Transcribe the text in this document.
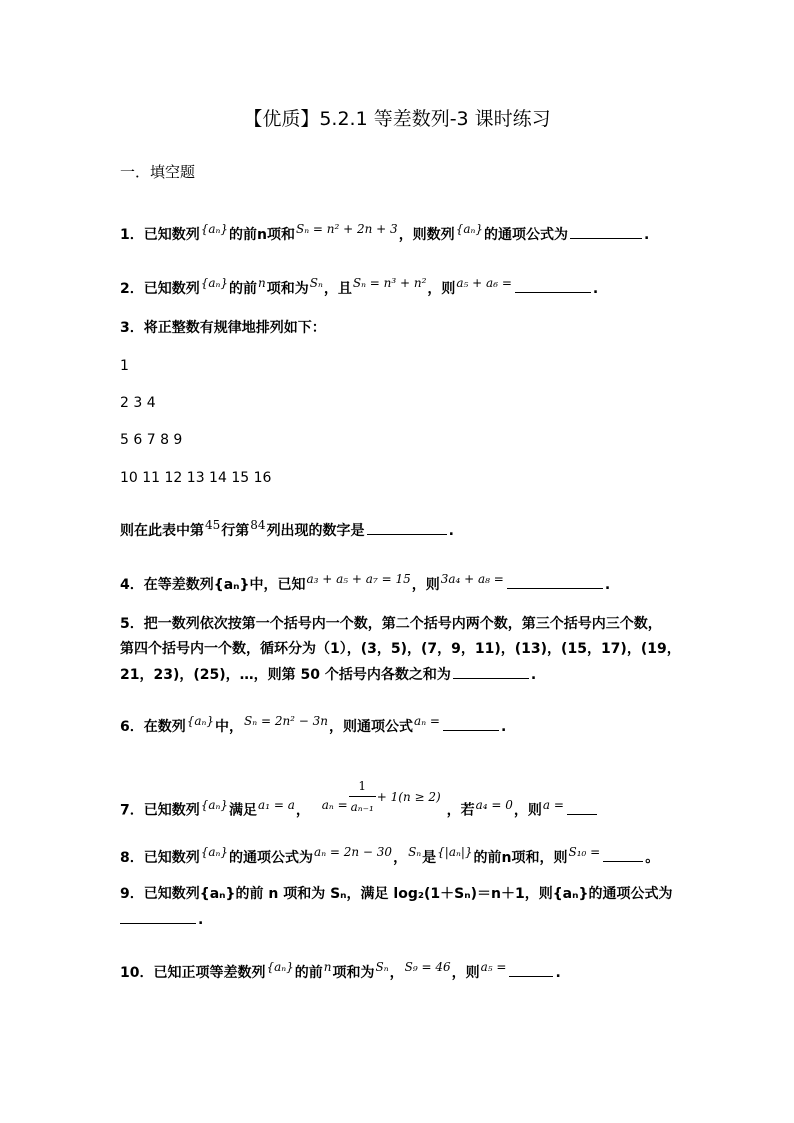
【优质】5.2.1 等差数列-3 课时练习
一．填空题
1．已知数列{aₙ}的前n项和Sₙ = n² + 2n + 3，则数列{aₙ}的通项公式为	.
2．已知数列{aₙ}的前n项和为Sₙ，且Sₙ = n³ + n²，则a₅ + a₆ =	.
3．将正整数有规律地排列如下：
1
2 3 4
5 6 7 8 9
10 11 12 13 14 15 16
则在此表中第45行第84列出现的数字是	.
4．在等差数列{aₙ}中，已知a₃ + a₅ + a₇ = 15，则3a₄ + a₈ =	.
5．把一数列依次按第一个括号内一个数，第二个括号内两个数，第三个括号内三个数，
第四个括号内一个数，循环分为（1），(3，5)，(7，9，11)，(13)，(15，17)，(19，
21，23)，(25)，…，则第 50 个括号内各数之和为	.
6．在数列{aₙ}中，Sₙ = 2n² − 3n，则通项公式aₙ =	.
7．已知数列{aₙ}满足a₁ = a， $a_n = \frac{1}{\text{aₙ₋₁}} + 1(n \ge 2)$ ，若a₄ = 0，则a =
8．已知数列{aₙ}的通项公式为aₙ = 2n − 30，Sₙ是{|aₙ|}的前n项和，则S₁₀ =	。
9．已知数列{aₙ}的前 n 项和为 Sₙ，满足 log₂(1＋Sₙ)＝n＋1，则{aₙ}的通项公式为
.
10．已知正项等差数列{aₙ}的前n项和为Sₙ，S₉ = 46，则a₅ =	.
